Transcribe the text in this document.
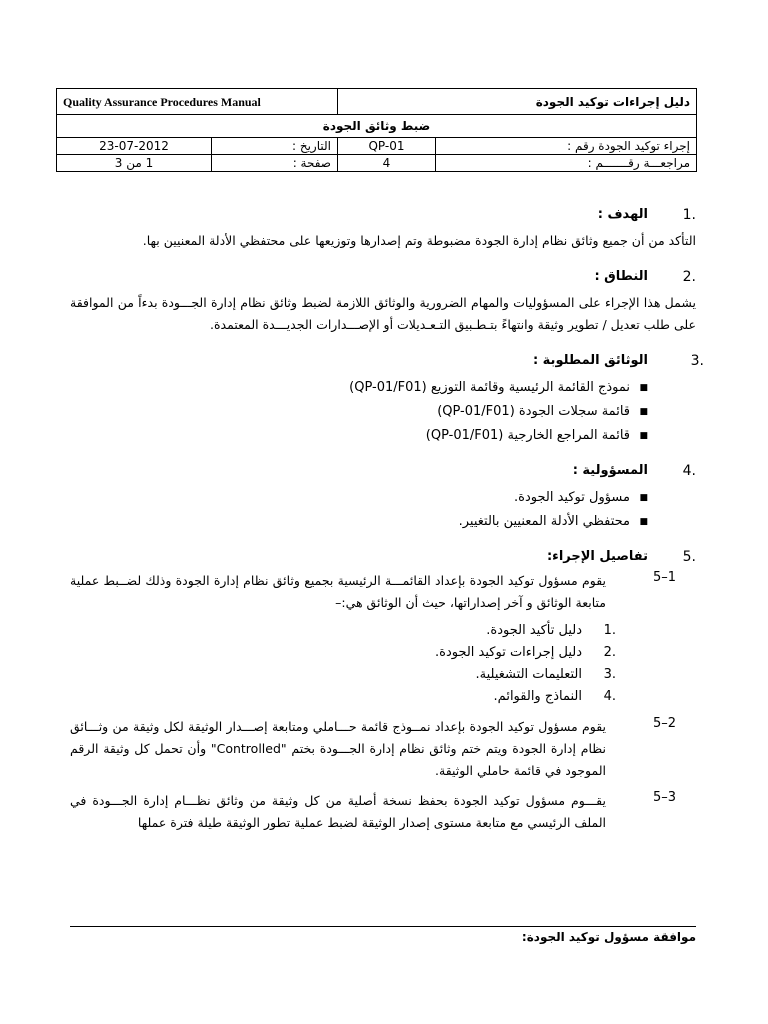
Quality Assurance Procedures Manual		دليل إجراءات توكيد الجودة	
ضبط وثائق الجودة			
23-07-2012	التاريخ :	QP-01	إجراء توكيد الجودة رقم :
1 من 3	صفحة :	4	مراجعـــة رقـــــــم :
1.
الهدف :

التأكد من أن جميع وثائق نظام إدارة الجودة مضبوطة وتم إصدارها وتوزيعها على محتفظي الأدلة المعنيين بها.

2.
النطاق :

يشمل هذا الإجراء على المسؤوليات والمهام الضرورية والوثائق اللازمة لضبط وثائق نظام إدارة الجـــودة بدءاً من الموافقة على طلب تعديل / تطوير وثيقة وانتهاءً بتـطـبيق التـعـديلات أو الإصـــدارات الجديـــدة المعتمدة.

3.
الوثائق المطلوبة :
■
نموذج القائمة الرئيسية وقائمة التوزيع (QP-01/F01)
■
قائمة سجلات الجودة (QP-01/F01)
■
قائمة المراجع الخارجية (QP-01/F01)
4.
المسؤولية :
■
مسؤول توكيد الجودة.
■
محتفظي الأدلة المعنيين بالتغيير.
5.
تفاصيل الإجراء:
5–1
يقوم مسؤول توكيد الجودة بإعداد القائمـــة الرئيسية بجميع وثائق نظام إدارة الجودة وذلك لضــبط عملية متابعة الوثائق و آخر إصداراتها، حيث أن الوثائق هي:–
1.
دليل تأكيد الجودة.
2.
دليل إجراءات توكيد الجودة.
3.
التعليمات التشغيلية.
4.
النماذج والقوائم.
5–2
يقوم مسؤول توكيد الجودة بإعداد نمــوذج قائمة حـــاملي ومتابعة إصـــدار الوثيقة لكل وثيقة من وثـــائق نظام إدارة الجودة ويتم ختم وثائق نظام إدارة الجـــودة بختم "Controlled" وأن تحمل كل وثيقة الرقم الموجود في قائمة حاملي الوثيقة.
5–3
يقـــوم مسؤول توكيد الجودة بحفظ نسخة أصلية من كل وثيقة من وثائق نظـــام إدارة الجـــودة في الملف الرئيسي مع متابعة مستوى إصدار الوثيقة لضبط عملية تطور الوثيقة طيلة فترة عملها
موافقة مسؤول توكيد الجودة:
